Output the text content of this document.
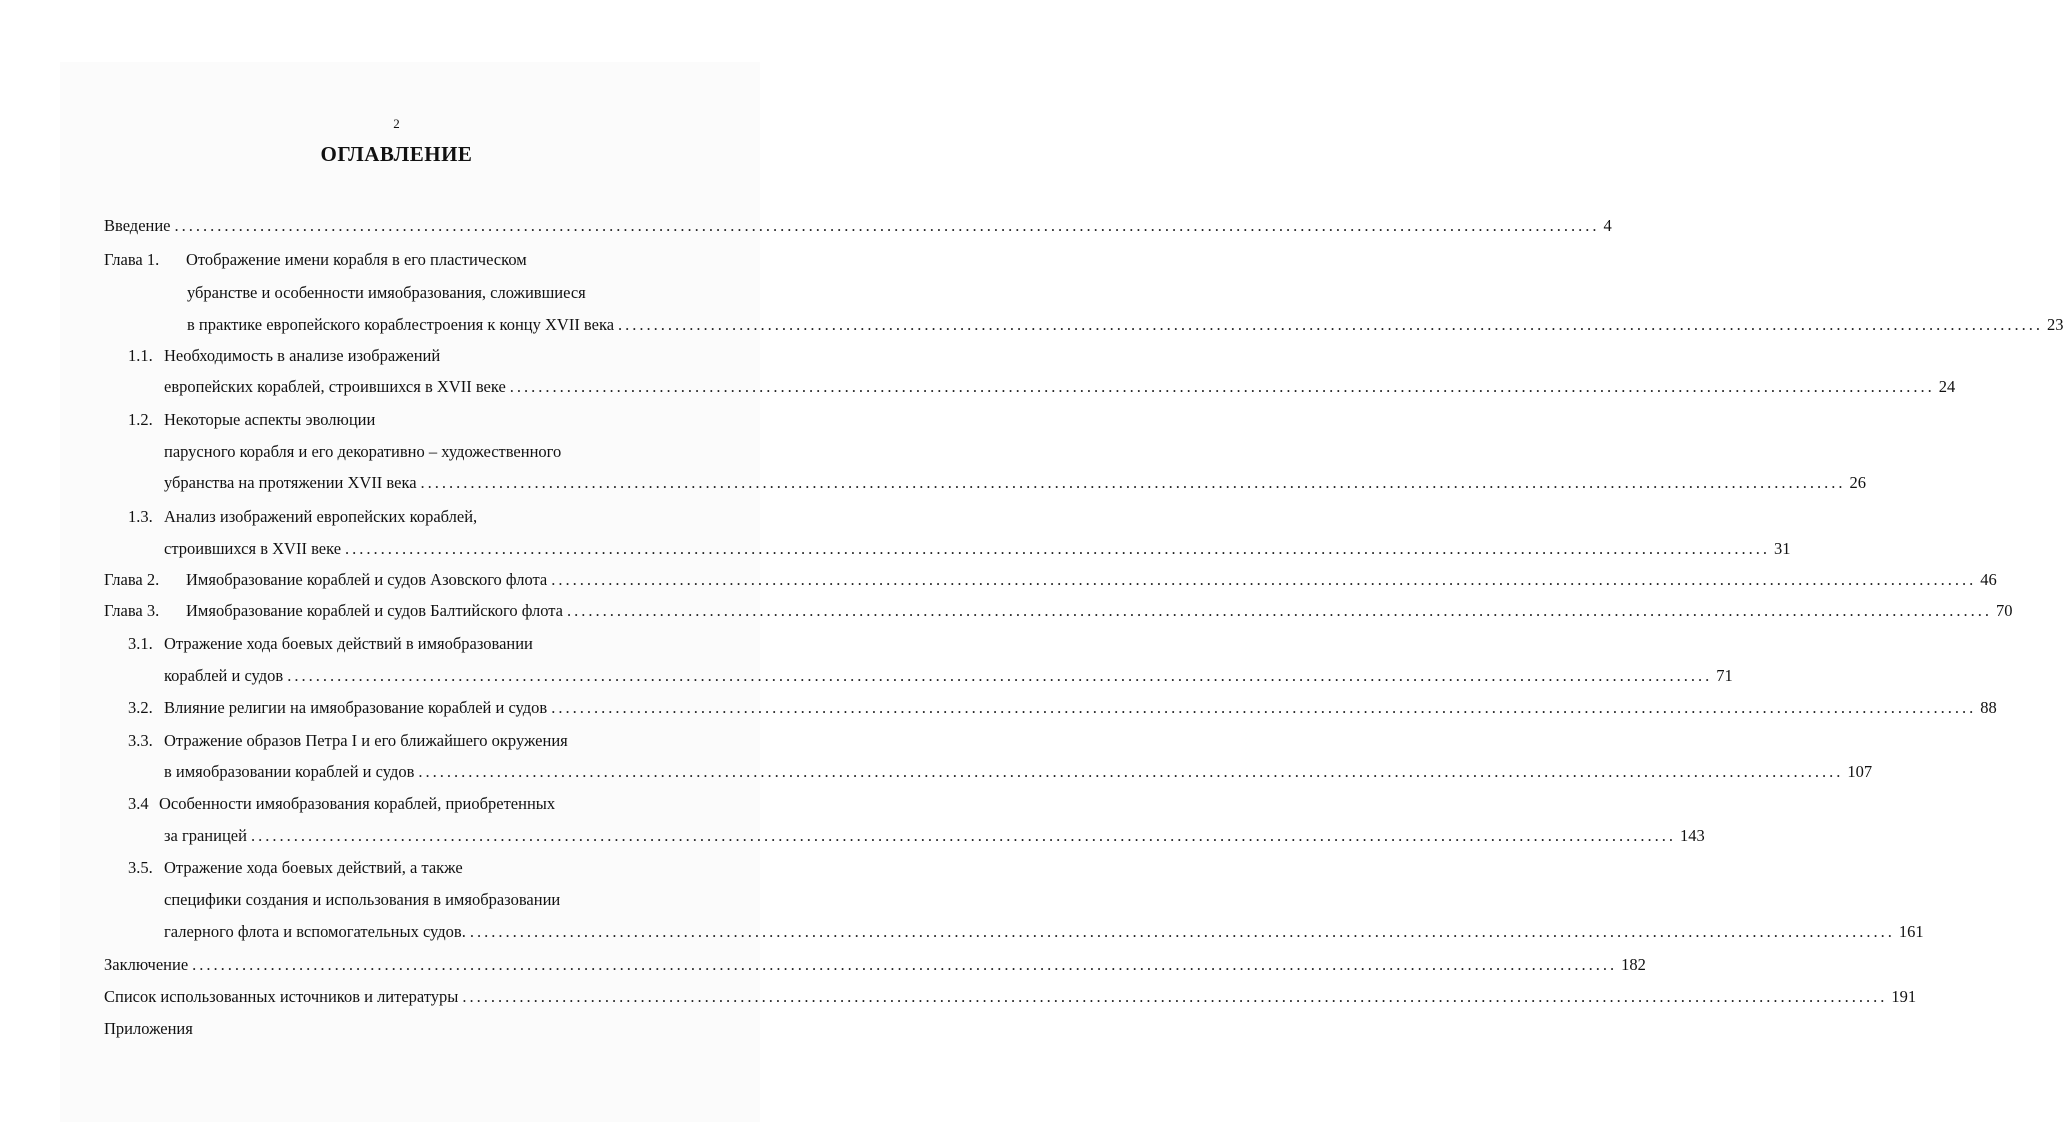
2
ОГЛАВЛЕНИЕ
Введение ........................................................................................................................................................................................................ 4
Глава 1.	Отображение имени корабля в его пластическом
убранстве и особенности имяобразования, сложившиеся
в практике европейского кораблестроения к концу XVII века ........................................................................................................................................................................................................ 23
1.1. Необходимость в анализе изображений
европейских кораблей, строившихся в XVII веке ........................................................................................................................................................................................................ 24
1.2. Некоторые аспекты эволюции
парусного корабля и его декоративно – художественного
убранства на протяжении XVII века ........................................................................................................................................................................................................ 26
1.3. Анализ изображений европейских кораблей,
строившихся в XVII веке ........................................................................................................................................................................................................ 31
Глава 2.	Имяобразование кораблей и судов Азовского флота ........................................................................................................................................................................................................ 46
Глава 3.	Имяобразование кораблей и судов Балтийского флота ........................................................................................................................................................................................................ 70
3.1. Отражение хода боевых действий в имяобразовании
кораблей и судов ........................................................................................................................................................................................................ 71
3.2. Влияние религии на имяобразование кораблей и судов ........................................................................................................................................................................................................ 88
3.3. Отражение образов Петра I и его ближайшего окружения
в имяобразовании кораблей и судов ........................................................................................................................................................................................................ 107
3.4 Особенности имяобразования кораблей, приобретенных
за границей ........................................................................................................................................................................................................ 143
3.5. Отражение хода боевых действий, а также
специфики создания и использования в имяобразовании
галерного флота и вспомогательных судов. ........................................................................................................................................................................................................ 161
Заключение ........................................................................................................................................................................................................ 182
Список использованных источников и литературы ........................................................................................................................................................................................................ 191
Приложения
